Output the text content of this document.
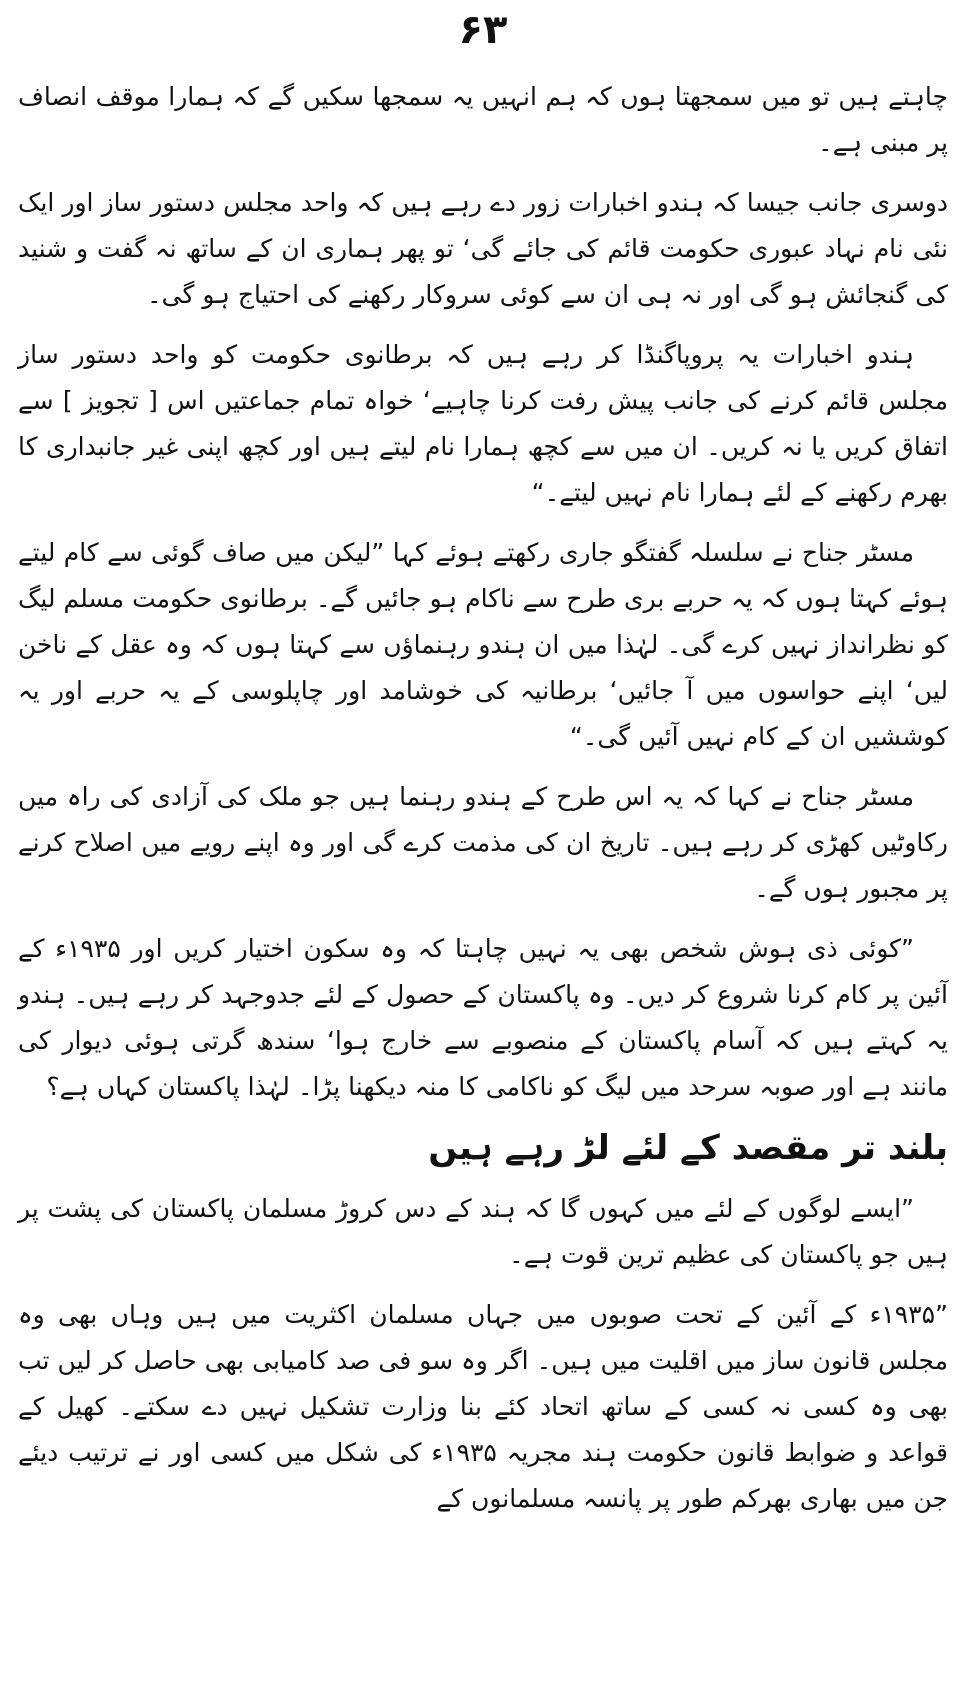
۶۳

چاہتے ہیں تو میں سمجھتا ہوں کہ ہم انہیں یہ سمجھا سکیں گے کہ ہمارا موقف انصاف پر مبنی ہے۔

دوسری جانب جیسا کہ ہندو اخبارات زور دے رہے ہیں کہ واحد مجلس دستور ساز اور ایک نئی نام نہاد عبوری حکومت قائم کی جائے گی‘ تو پھر ہماری ان کے ساتھ نہ گفت و شنید کی گنجائش ہو گی اور نہ ہی ان سے کوئی سروکار رکھنے کی احتیاج ہو گی۔

ہندو اخبارات یہ پروپاگنڈا کر رہے ہیں کہ برطانوی حکومت کو واحد دستور ساز مجلس قائم کرنے کی جانب پیش رفت کرنا چاہیے‘ خواہ تمام جماعتیں اس [ تجویز ] سے اتفاق کریں یا نہ کریں۔ ان میں سے کچھ ہمارا نام لیتے ہیں اور کچھ اپنی غیر جانبداری کا بھرم رکھنے کے لئے ہمارا نام نہیں لیتے۔“

مسٹر جناح نے سلسلہ گفتگو جاری رکھتے ہوئے کہا ”لیکن میں صاف گوئی سے کام لیتے ہوئے کہتا ہوں کہ یہ حربے بری طرح سے ناکام ہو جائیں گے۔ برطانوی حکومت مسلم لیگ کو نظرانداز نہیں کرے گی۔ لہٰذا میں ان ہندو رہنماؤں سے کہتا ہوں کہ وہ عقل کے ناخن لیں‘ اپنے حواسوں میں آ جائیں‘ برطانیہ کی خوشامد اور چاپلوسی کے یہ حربے اور یہ کوششیں ان کے کام نہیں آئیں گی۔“

مسٹر جناح نے کہا کہ یہ اس طرح کے ہندو رہنما ہیں جو ملک کی آزادی کی راہ میں رکاوٹیں کھڑی کر رہے ہیں۔ تاریخ ان کی مذمت کرے گی اور وہ اپنے رویے میں اصلاح کرنے پر مجبور ہوں گے۔

”کوئی ذی ہوش شخص بھی یہ نہیں چاہتا کہ وہ سکون اختیار کریں اور ۱۹۳۵ء کے آئین پر کام کرنا شروع کر دیں۔ وہ پاکستان کے حصول کے لئے جدوجہد کر رہے ہیں۔ ہندو یہ کہتے ہیں کہ آسام پاکستان کے منصوبے سے خارج ہوا‘ سندھ گرتی ہوئی دیوار کی مانند ہے اور صوبہ سرحد میں لیگ کو ناکامی کا منہ دیکھنا پڑا۔ لہٰذا پاکستان کہاں ہے؟

بلند تر مقصد کے لئے لڑ رہے ہیں

”ایسے لوگوں کے لئے میں کہوں گا کہ ہند کے دس کروڑ مسلمان پاکستان کی پشت پر ہیں جو پاکستان کی عظیم ترین قوت ہے۔

”۱۹۳۵ء کے آئین کے تحت صوبوں میں جہاں مسلمان اکثریت میں ہیں وہاں بھی وہ مجلس قانون ساز میں اقلیت میں ہیں۔ اگر وہ سو فی صد کامیابی بھی حاصل کر لیں تب بھی وہ کسی نہ کسی کے ساتھ اتحاد کئے بنا وزارت تشکیل نہیں دے سکتے۔ کھیل کے قواعد و ضوابط قانون حکومت ہند مجریہ ۱۹۳۵ء کی شکل میں کسی اور نے ترتیب دیئے جن میں بھاری بھرکم طور پر پانسہ مسلمانوں کے
